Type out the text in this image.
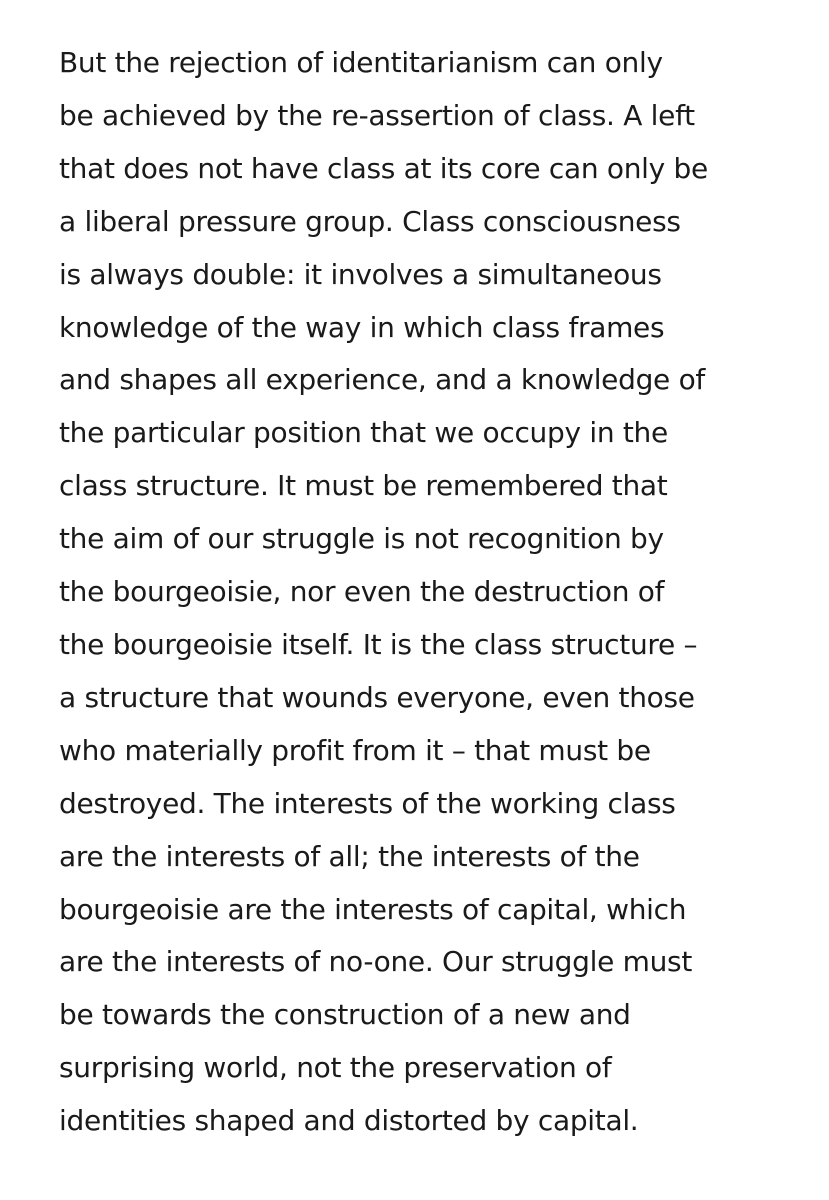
But the rejection of identitarianism can only
be achieved by the re-assertion of class. A left
that does not have class at its core can only be
a liberal pressure group. Class consciousness
is always double: it involves a simultaneous
knowledge of the way in which class frames
and shapes all experience, and a knowledge of
the particular position that we occupy in the
class structure. It must be remembered that
the aim of our struggle is not recognition by
the bourgeoisie, nor even the destruction of
the bourgeoisie itself. It is the class structure –
a structure that wounds everyone, even those
who materially profit from it – that must be
destroyed. The interests of the working class
are the interests of all; the interests of the
bourgeoisie are the interests of capital, which
are the interests of no-one. Our struggle must
be towards the construction of a new and
surprising world, not the preservation of
identities shaped and distorted by capital.
